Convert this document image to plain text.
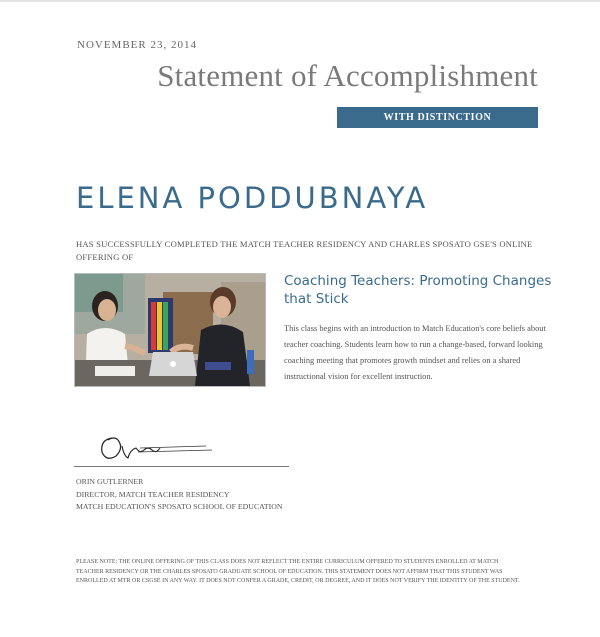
NOVEMBER 23, 2014
Statement of Accomplishment
WITH DISTINCTION
ELENA PODDUBNAYA
HAS SUCCESSFULLY COMPLETED THE MATCH TEACHER RESIDENCY AND CHARLES SPOSATO GSE'S ONLINE OFFERING OF
Coaching Teachers: Promoting Changes that Stick
This class begins with an introduction to Match Education's core beliefs about teacher coaching. Students learn how to run a change-based, forward looking coaching meeting that promotes growth mindset and relies on a shared instructional vision for excellent instruction.
ORIN GUTLERNER
DIRECTOR, MATCH TEACHER RESIDENCY
MATCH EDUCATION'S SPOSATO SCHOOL OF EDUCATION
PLEASE NOTE: THE ONLINE OFFERING OF THIS CLASS DOES NOT REFLECT THE ENTIRE CURRICULUM OFFERED TO STUDENTS ENROLLED AT MATCH TEACHER RESIDENCY OR THE CHARLES SPOSATO GRADUATE SCHOOL OF EDUCATION. THIS STATEMENT DOES NOT AFFIRM THAT THIS STUDENT WAS ENROLLED AT MTR OR CSGSE IN ANY WAY. IT DOES NOT CONFER A GRADE, CREDIT, OR DEGREE, AND IT DOES NOT VERIFY THE IDENTITY OF THE STUDENT.
